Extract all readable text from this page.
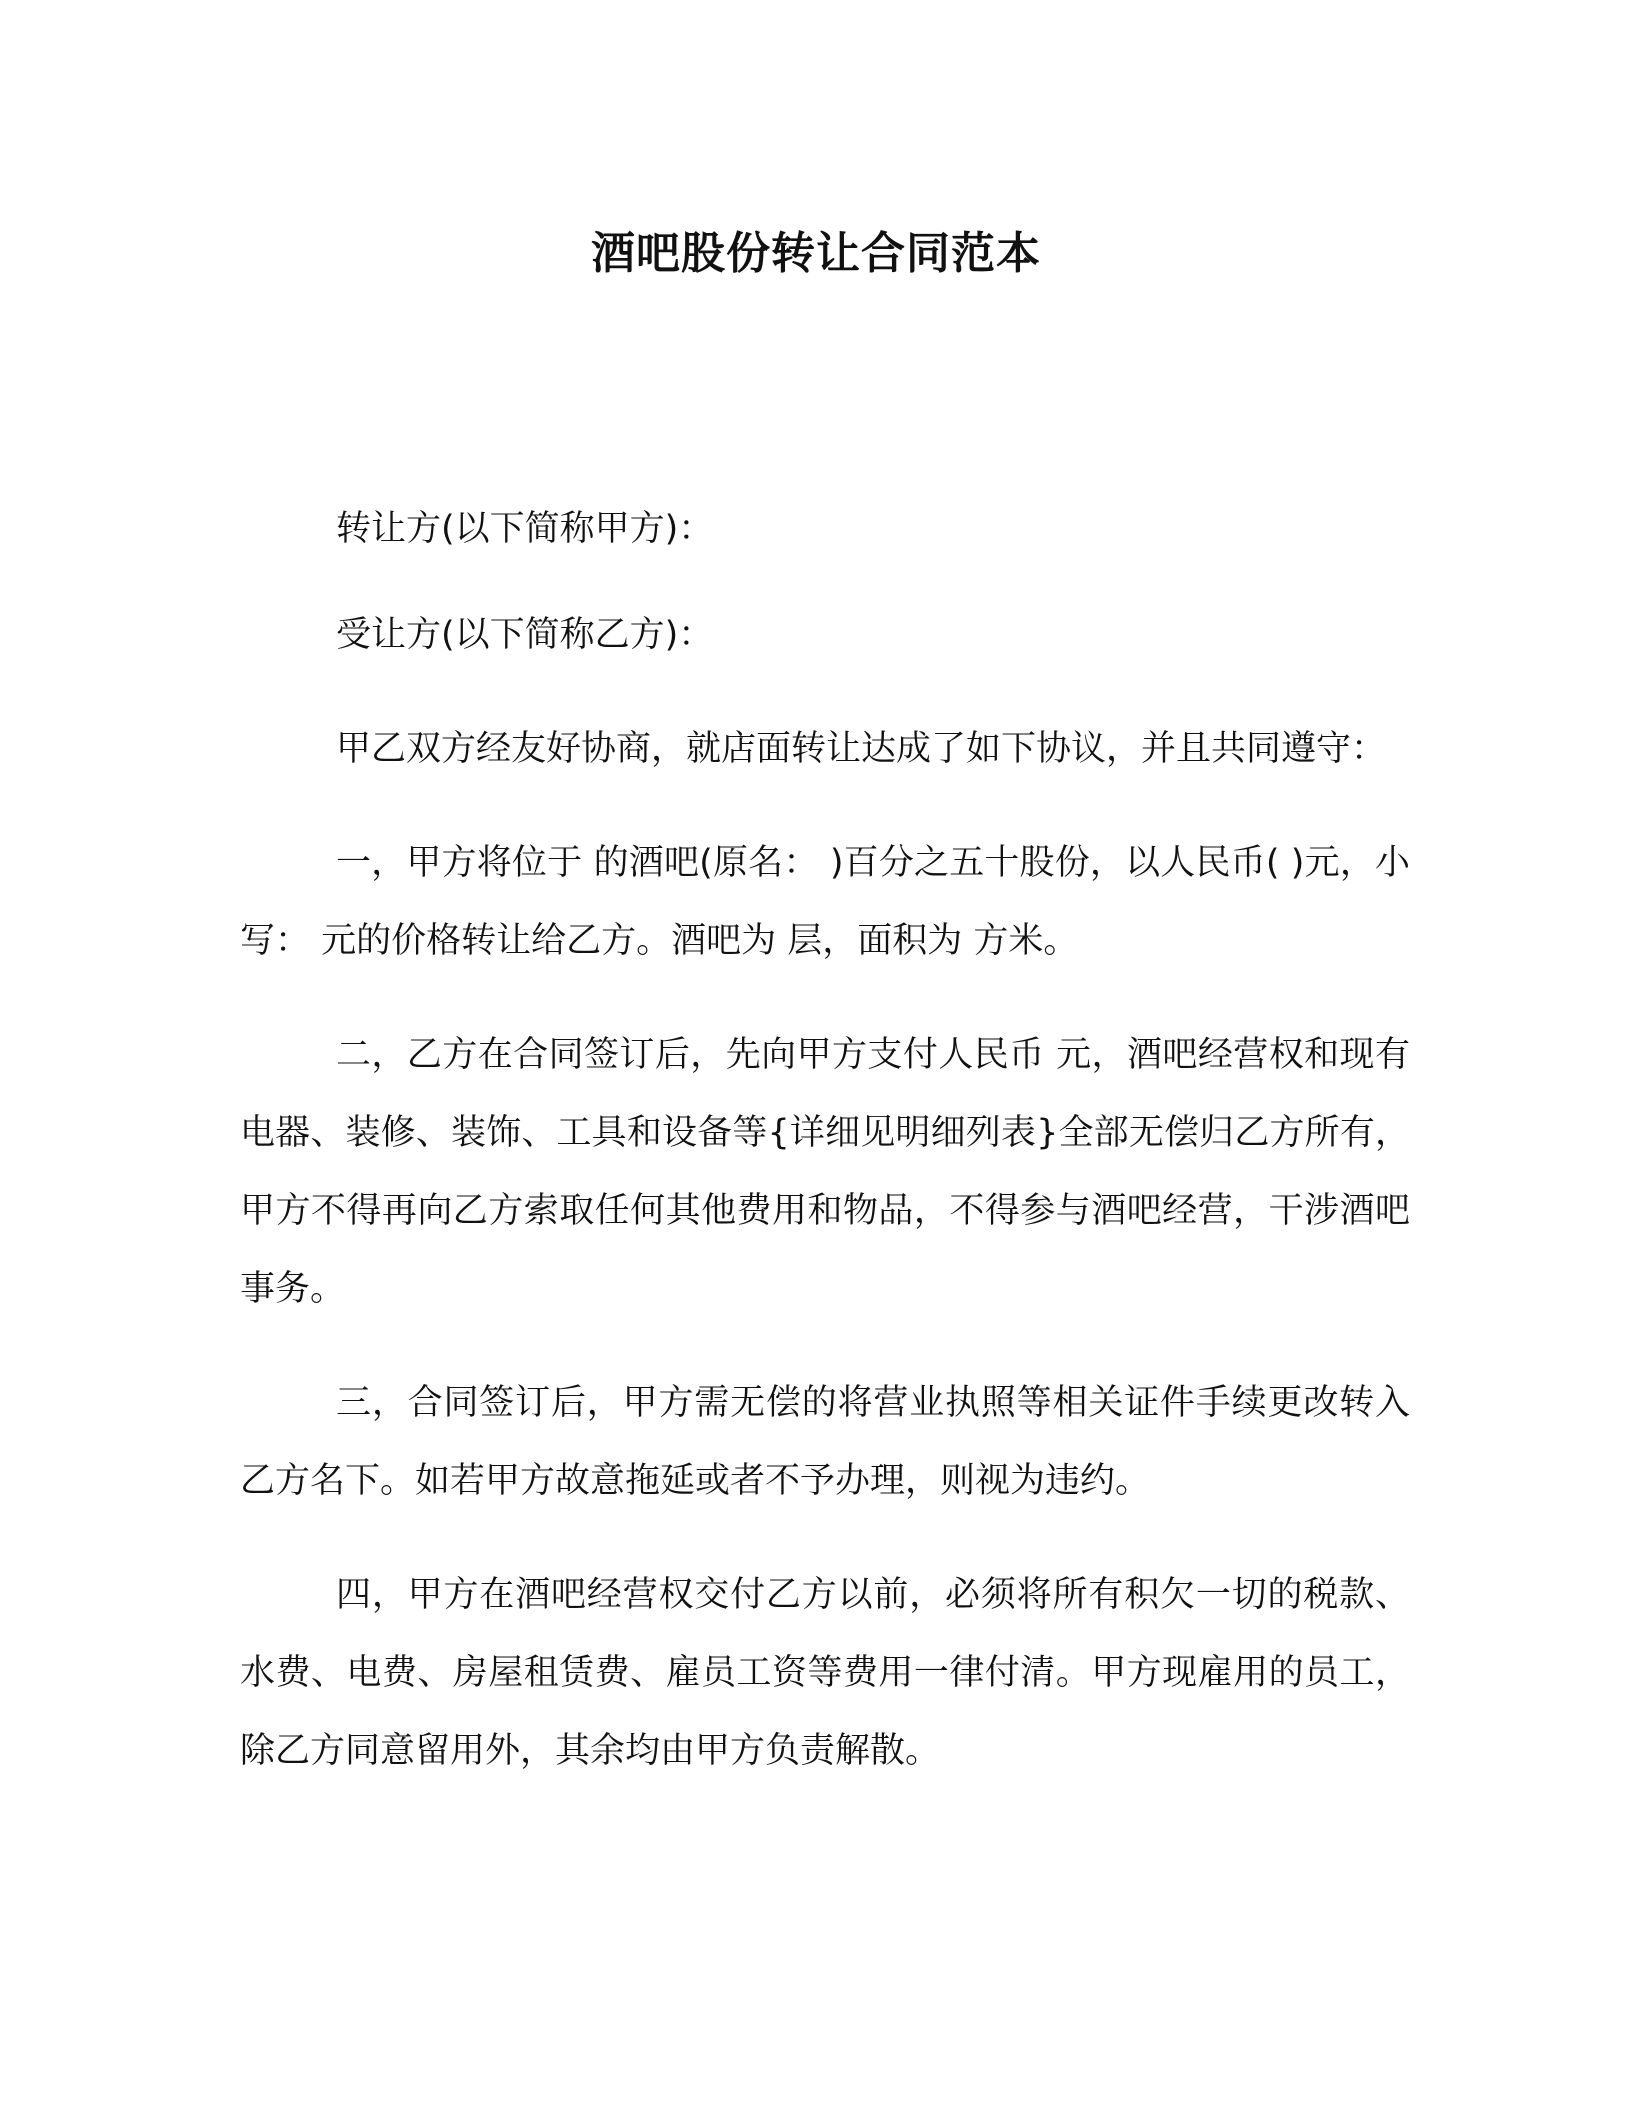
酒吧股份转让合同范本

转让方(以下简称甲方)：

受让方(以下简称乙方)：

甲乙双方经友好协商，就店面转让达成了如下协议，并且共同遵守：

一，甲方将位于 的酒吧(原名： )百分之五十股份，以人民币( )元，小写： 元的价格转让给乙方。酒吧为 层，面积为 方米。

二，乙方在合同签订后，先向甲方支付人民币 元，酒吧经营权和现有电器、装修、装饰、工具和设备等{详细见明细列表}全部无偿归乙方所有，甲方不得再向乙方索取任何其他费用和物品，不得参与酒吧经营，干涉酒吧事务。

三，合同签订后，甲方需无偿的将营业执照等相关证件手续更改转入乙方名下。如若甲方故意拖延或者不予办理，则视为违约。

四，甲方在酒吧经营权交付乙方以前，必须将所有积欠一切的税款、水费、电费、房屋租赁费、雇员工资等费用一律付清。甲方现雇用的员工，除乙方同意留用外，其余均由甲方负责解散。
